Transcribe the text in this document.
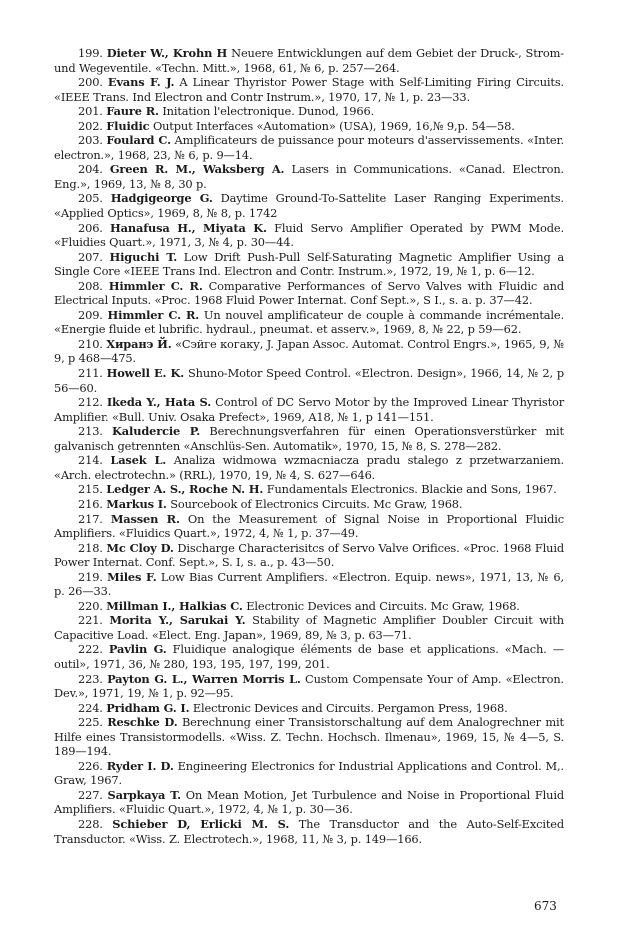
199. Dieter W., Krohn H Neuere Entwicklungen auf dem Gebiet der Druck-, Strom- und Wegeventile. «Techn. Mitt.», 1968, 61, № 6, p. 257—264.

200. Evans F. J. A Linear Thyristor Power Stage with Self-Limiting Firing Circuits. «IEEE Trans. Ind Electron and Contr Instrum.», 1970, 17, № 1, p. 23—33.

201. Faure R. Initation l'electronique. Dunod, 1966.

202. Fluidic Output Interfaces «Automation» (USA), 1969, 16,№ 9,p. 54—58.

203. Foulard C. Amplificateurs de puissance pour moteurs d'asservissements. «Inter. electron.», 1968, 23, № 6, p. 9—14.

204. Green R. M., Waksberg A. Lasers in Communications. «Canad. Electron. Eng.», 1969, 13, № 8, 30 p.

205. Hadgigeorge G. Daytime Ground-To-Sattelite Laser Ranging Experiments. «Applied Optics», 1969, 8, № 8, p. 1742

206. Hanafusa H., Miyata K. Fluid Servo Amplifier Operated by PWM Mode. «Fluidies Quart.», 1971, 3, № 4, p. 30—44.

207. Higuchi T. Low Drift Push-Pull Self-Saturating Magnetic Amplifier Using a Single Core «IEEE Trans Ind. Electron and Contr. Instrum.», 1972, 19, № 1, p. 6—12.

208. Himmler C. R. Comparative Performances of Servo Valves with Fluidic and Electrical Inputs. «Proc. 1968 Fluid Power Internat. Conf Sept.», S I., s. a. p. 37—42.

209. Himmler C. R. Un nouvel amplificateur de couple à commande incrémentale. «Energie fluide et lubrific. hydraul., pneumat. et asserv.», 1969, 8, № 22, p 59—62.

210. Хиранэ Й. «Сэйге когаку, J. Japan Assoc. Automat. Control Engrs.», 1965, 9, № 9, p 468—475.

211. Howell E. K. Shuno-Motor Speed Control. «Electron. Design», 1966, 14, № 2, p 56—60.

212. Ikeda Y., Hata S. Control of DC Servo Motor by the Improved Linear Thyristor Amplifier. «Bull. Univ. Osaka Prefect», 1969, A18, № 1, p 141—151.

213. Kaludercie P. Berechnungsverfahren für einen Operationsverstürker mit galvanisch getrennten «Anschlüs-Sen. Automatik», 1970, 15, № 8, S. 278—282.

214. Lasek L. Analiza widmowa wzmacniacza pradu stalego z przetwarzaniem. «Arch. electrotechn.» (RRL), 1970, 19, № 4, S. 627—646.

215. Ledger A. S., Roche N. H. Fundamentals Electronics. Blackie and Sons, 1967.

216. Markus I. Sourcebook of Electronics Circuits. Mc Graw, 1968.

217. Massen R. On the Measurement of Signal Noise in Proportional Fluidic Amplifiers. «Fluidics Quart.», 1972, 4, № 1, p. 37—49.

218. Mc Cloy D. Discharge Characterisitcs of Servo Valve Orifices. «Proc. 1968 Fluid Power Internat. Conf. Sept.», S. I, s. a., p. 43—50.

219. Miles F. Low Bias Current Amplifiers. «Electron. Equip. news», 1971, 13, № 6, p. 26—33.

220. Millman I., Halkias C. Electronic Devices and Circuits. Mc Graw, 1968.

221. Morita Y., Sarukai Y. Stability of Magnetic Amplifier Doubler Circuit with Capacitive Load. «Elect. Eng. Japan», 1969, 89, № 3, p. 63—71.

222. Pavlin G. Fluidique analogique éléments de base et applications. «Mach. — outil», 1971, 36, № 280, 193, 195, 197, 199, 201.

223. Payton G. L., Warren Morris L. Custom Compensate Your of Amp. «Electron. Dev.», 1971, 19, № 1, p. 92—95.

224. Pridham G. I. Electronic Devices and Circuits. Pergamon Press, 1968.

225. Reschke D. Berechnung einer Transistorschaltung auf dem Analogrechner mit Hilfe eines Transistormodells. «Wiss. Z. Techn. Hochsch. Ilmenau», 1969, 15, № 4—5, S. 189—194.

226. Ryder I. D. Engineering Electronics for Industrial Applications and Control. M,. Graw, 1967.

227. Sarpkaya T. On Mean Motion, Jet Turbulence and Noise in Proportional Fluid Amplifiers. «Fluidic Quart.», 1972, 4, № 1, p. 30—36.

228. Schieber D, Erlicki M. S. The Transductor and the Auto-Self-Excited Transductor. «Wiss. Z. Electrotech.», 1968, 11, № 3, p. 149—166.

673
